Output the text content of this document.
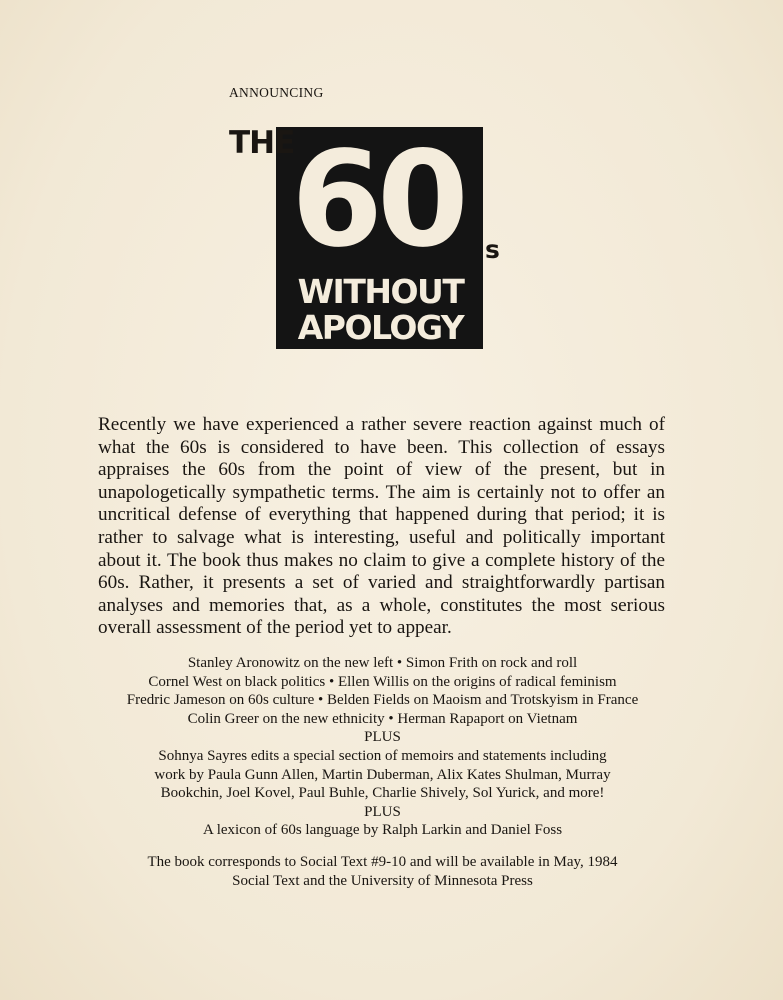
ANNOUNCING
THE
60 s
WITHOUT
APOLOGY
Recently we have experienced a rather severe reaction against much of what the 60s is considered to have been. This collection of essays appraises the 60s from the point of view of the present, but in unapologetically sympathetic terms. The aim is certainly not to offer an uncritical defense of everything that happened during that period; it is rather to salvage what is interesting, useful and politically important about it. The book thus makes no claim to give a complete history of the 60s. Rather, it presents a set of varied and straightforwardly partisan analyses and memories that, as a whole, constitutes the most serious overall assessment of the period yet to appear.
Stanley Aronowitz on the new left • Simon Frith on rock and roll
Cornel West on black politics • Ellen Willis on the origins of radical feminism
Fredric Jameson on 60s culture • Belden Fields on Maoism and Trotskyism in France
Colin Greer on the new ethnicity • Herman Rapaport on Vietnam
PLUS
Sohnya Sayres edits a special section of memoirs and statements including
work by Paula Gunn Allen, Martin Duberman, Alix Kates Shulman, Murray
Bookchin, Joel Kovel, Paul Buhle, Charlie Shively, Sol Yurick, and more!
PLUS
A lexicon of 60s language by Ralph Larkin and Daniel Foss
The book corresponds to Social Text #9-10 and will be available in May, 1984
Social Text and the University of Minnesota Press
